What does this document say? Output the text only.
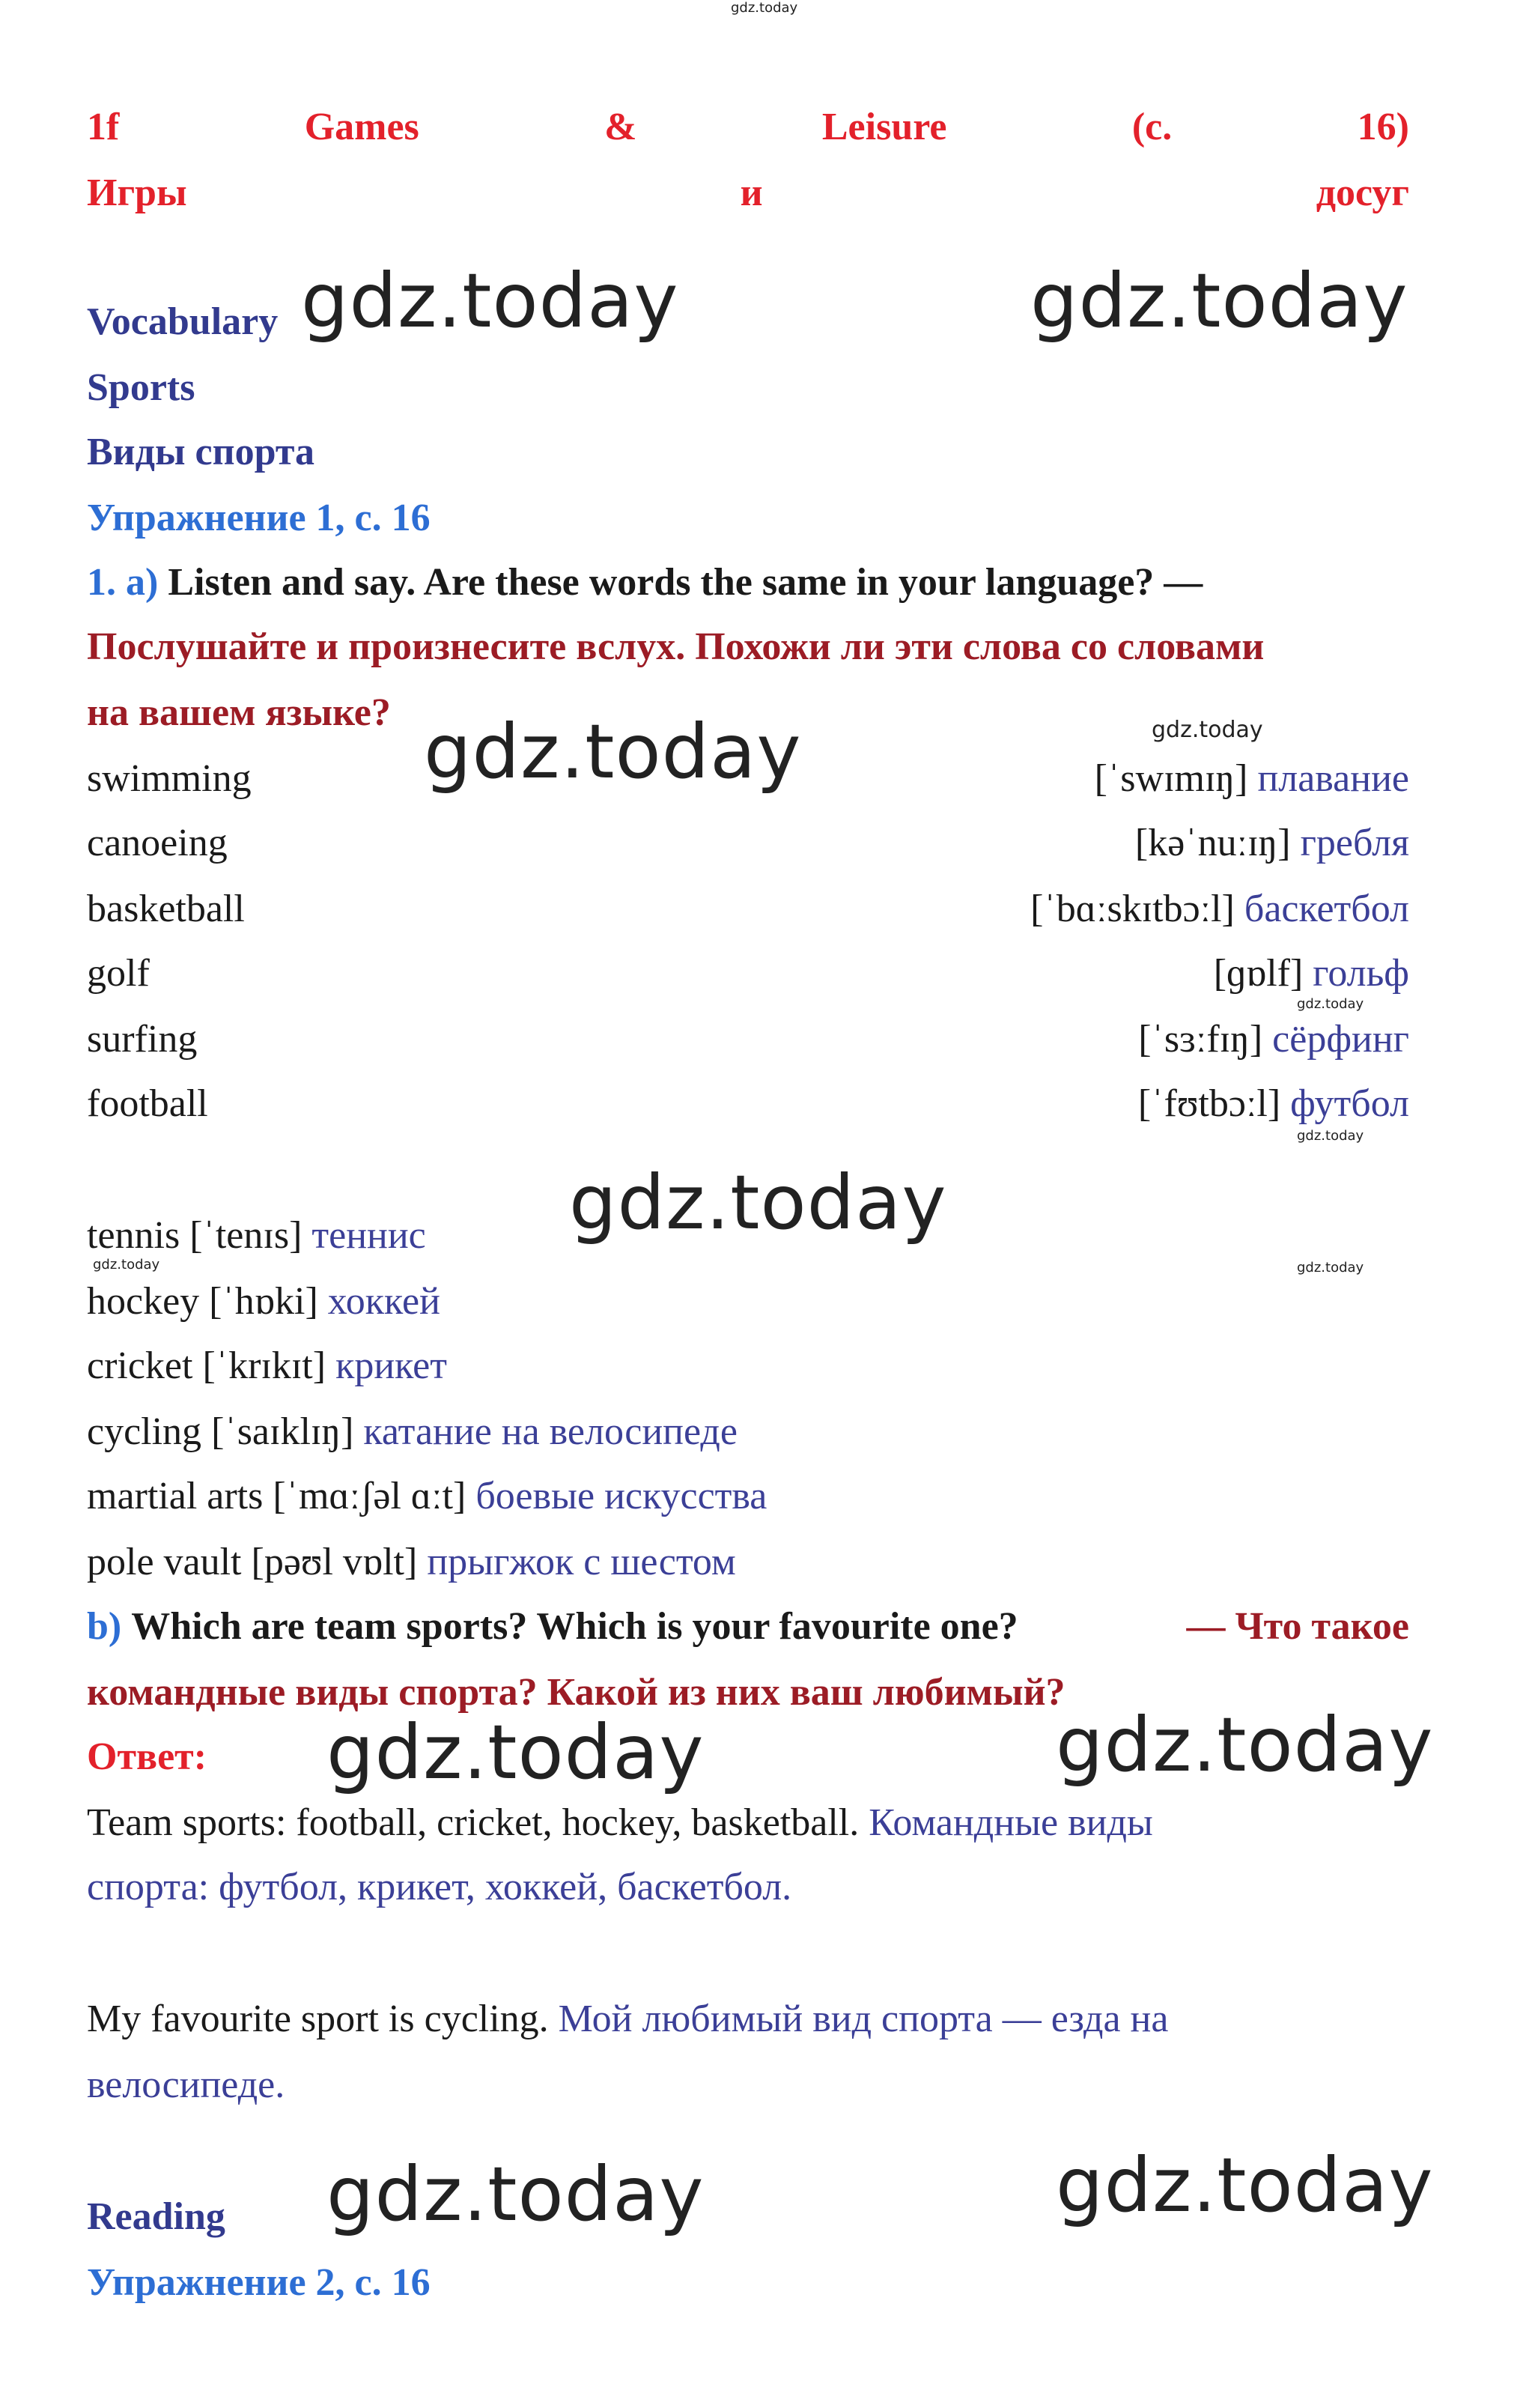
gdz.today
gdz.today	gdz.today
gdz.today
gdz.today
gdz.today
gdz.today
gdz.today
gdz.today	gdz.today
gdz.today	gdz.today
gdz.today	gdz.today
1f	Games	&	Leisure	(с.	16)
Игры	и	досуг
Vocabulary
Sports
Виды спорта
Упражнение 1, с. 16
1. a) Listen and say. Are these words the same in your language? —
Послушайте и произнесите вслух. Похожи ли эти слова со словами
на вашем языке?
swimming	[ˈswɪmɪŋ] плавание
canoeing	[kəˈnuːɪŋ] гребля
basketball	[ˈbɑːskɪtbɔːl] баскетбол
golf	[ɡɒlf] гольф
surfing	[ˈsɜːfɪŋ] сёрфинг
football	[ˈfʊtbɔːl] футбол
tennis [ˈtenɪs] теннис
hockey [ˈhɒki] хоккей
cricket [ˈkrɪkɪt] крикет
cycling [ˈsaɪklɪŋ] катание на велосипеде
martial arts [ˈmɑːʃəl ɑːt] боевые искусства
pole vault [pəʊl vɒlt] прыгжок с шестом
b) Which are team sports? Which is your favourite one?	— Что такое
командные виды спорта? Какой из них ваш любимый?
Ответ:
Team sports: football, cricket, hockey, basketball. Командные виды
спорта: футбол, крикет, хоккей, баскетбол.
My favourite sport is cycling. Мой любимый вид спорта — езда на
велосипеде.
Reading
Упражнение 2, с. 16
